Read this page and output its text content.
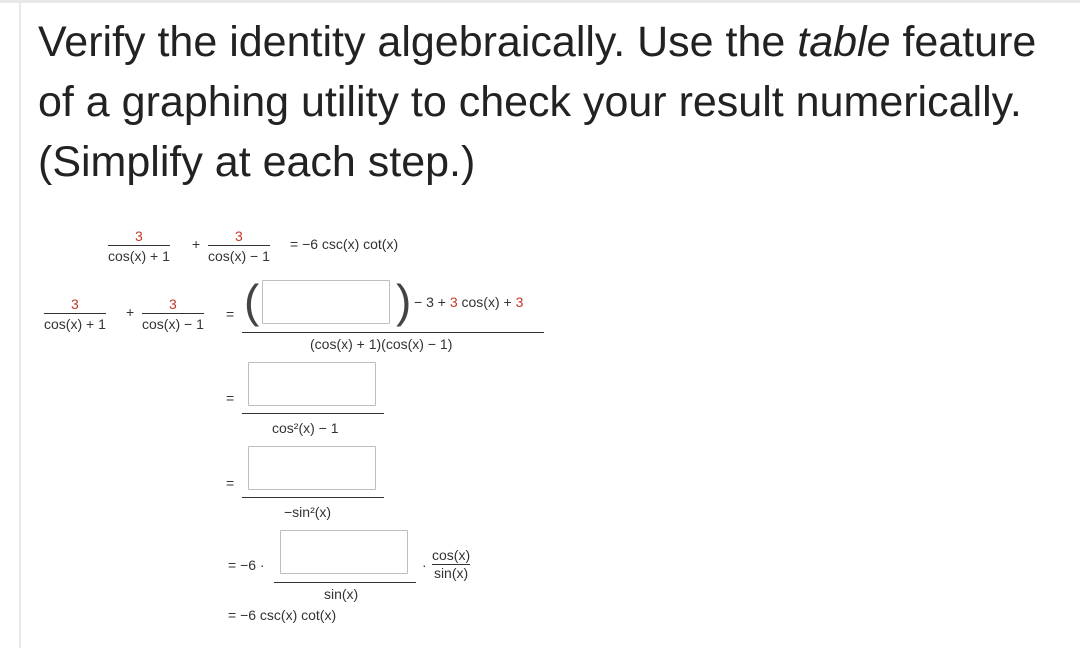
Verify the identity algebraically. Use the table feature of a graphing utility to check your result numerically. (Simplify at each step.)

3
cos(x) + 1
+ 3
cos(x) − 1
= −6 csc(x) cot(x)
3
cos(x) + 1
+ 3
cos(x) − 1
= (	) − 3 + 3 cos(x) + 3
(cos(x) + 1)(cos(x) − 1)
=
cos²(x) − 1
=
−sin²(x)
= −6 ·
sin(x)
·
cos(x)
sin(x)
= −6 csc(x) cot(x)
